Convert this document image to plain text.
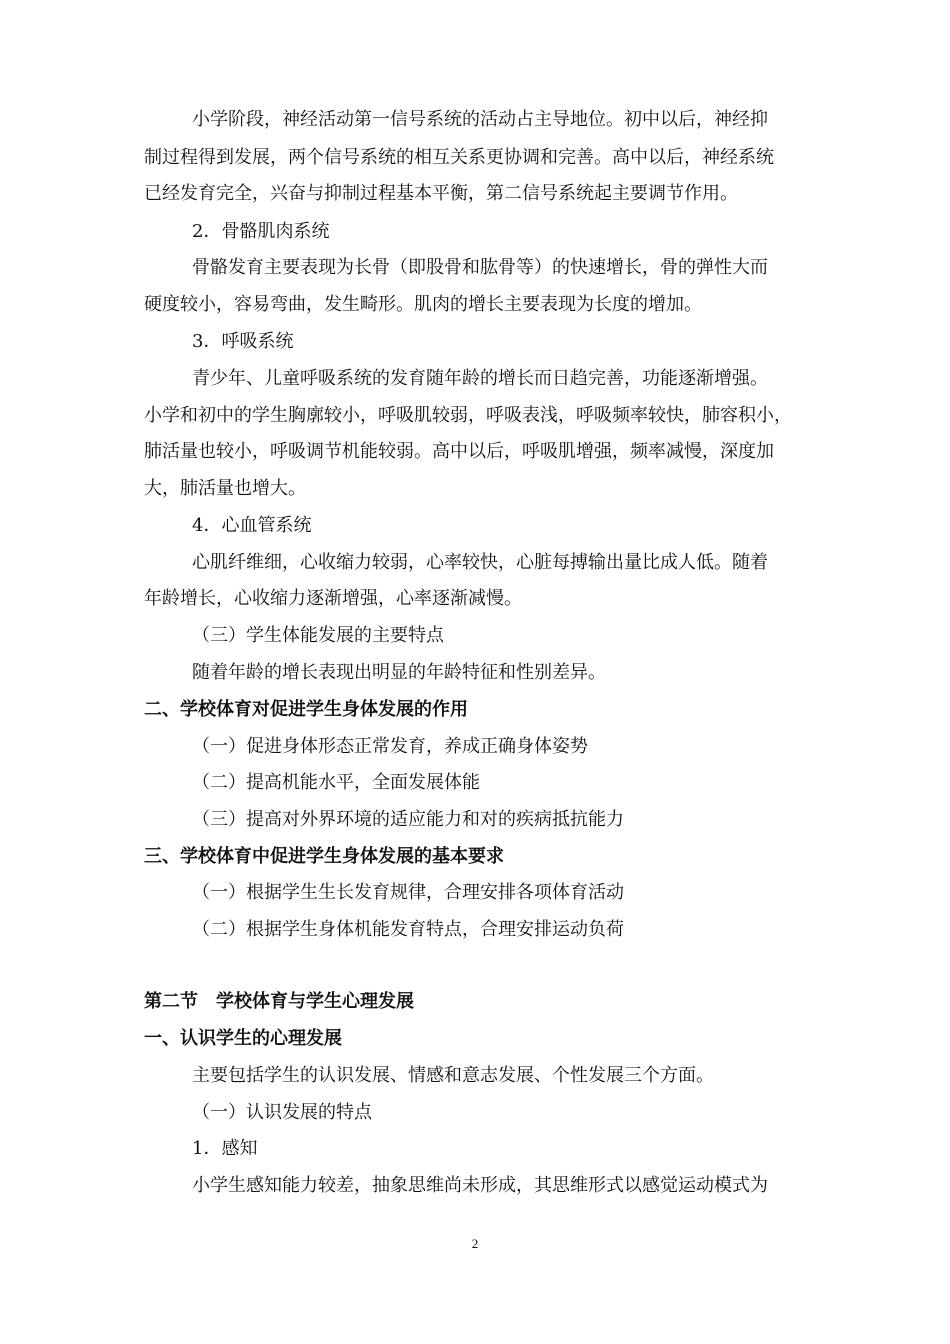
小学阶段，神经活动第一信号系统的活动占主导地位。初中以后，神经抑
制过程得到发展，两个信号系统的相互关系更协调和完善。高中以后，神经系统
已经发育完全，兴奋与抑制过程基本平衡，第二信号系统起主要调节作用。
2．骨骼肌肉系统
骨骼发育主要表现为长骨（即股骨和肱骨等）的快速增长，骨的弹性大而
硬度较小，容易弯曲，发生畸形。肌肉的增长主要表现为长度的增加。
3．呼吸系统
青少年、儿童呼吸系统的发育随年龄的增长而日趋完善，功能逐渐增强。
小学和初中的学生胸廓较小，呼吸肌较弱，呼吸表浅，呼吸频率较快，肺容积小，
肺活量也较小，呼吸调节机能较弱。高中以后，呼吸肌增强，频率减慢，深度加
大，肺活量也增大。
4．心血管系统
心肌纤维细，心收缩力较弱，心率较快，心脏每搏输出量比成人低。随着
年龄增长，心收缩力逐渐增强，心率逐渐减慢。
（三）学生体能发展的主要特点
随着年龄的增长表现出明显的年龄特征和性别差异。
二、学校体育对促进学生身体发展的作用
（一）促进身体形态正常发育，养成正确身体姿势
（二）提高机能水平，全面发展体能
（三）提高对外界环境的适应能力和对的疾病抵抗能力
三、学校体育中促进学生身体发展的基本要求
（一）根据学生生长发育规律，合理安排各项体育活动
（二）根据学生身体机能发育特点，合理安排运动负荷
第二节　学校体育与学生心理发展
一、认识学生的心理发展
主要包括学生的认识发展、情感和意志发展、个性发展三个方面。
（一）认识发展的特点
1．感知
小学生感知能力较差，抽象思维尚未形成，其思维形式以感觉运动模式为
2
